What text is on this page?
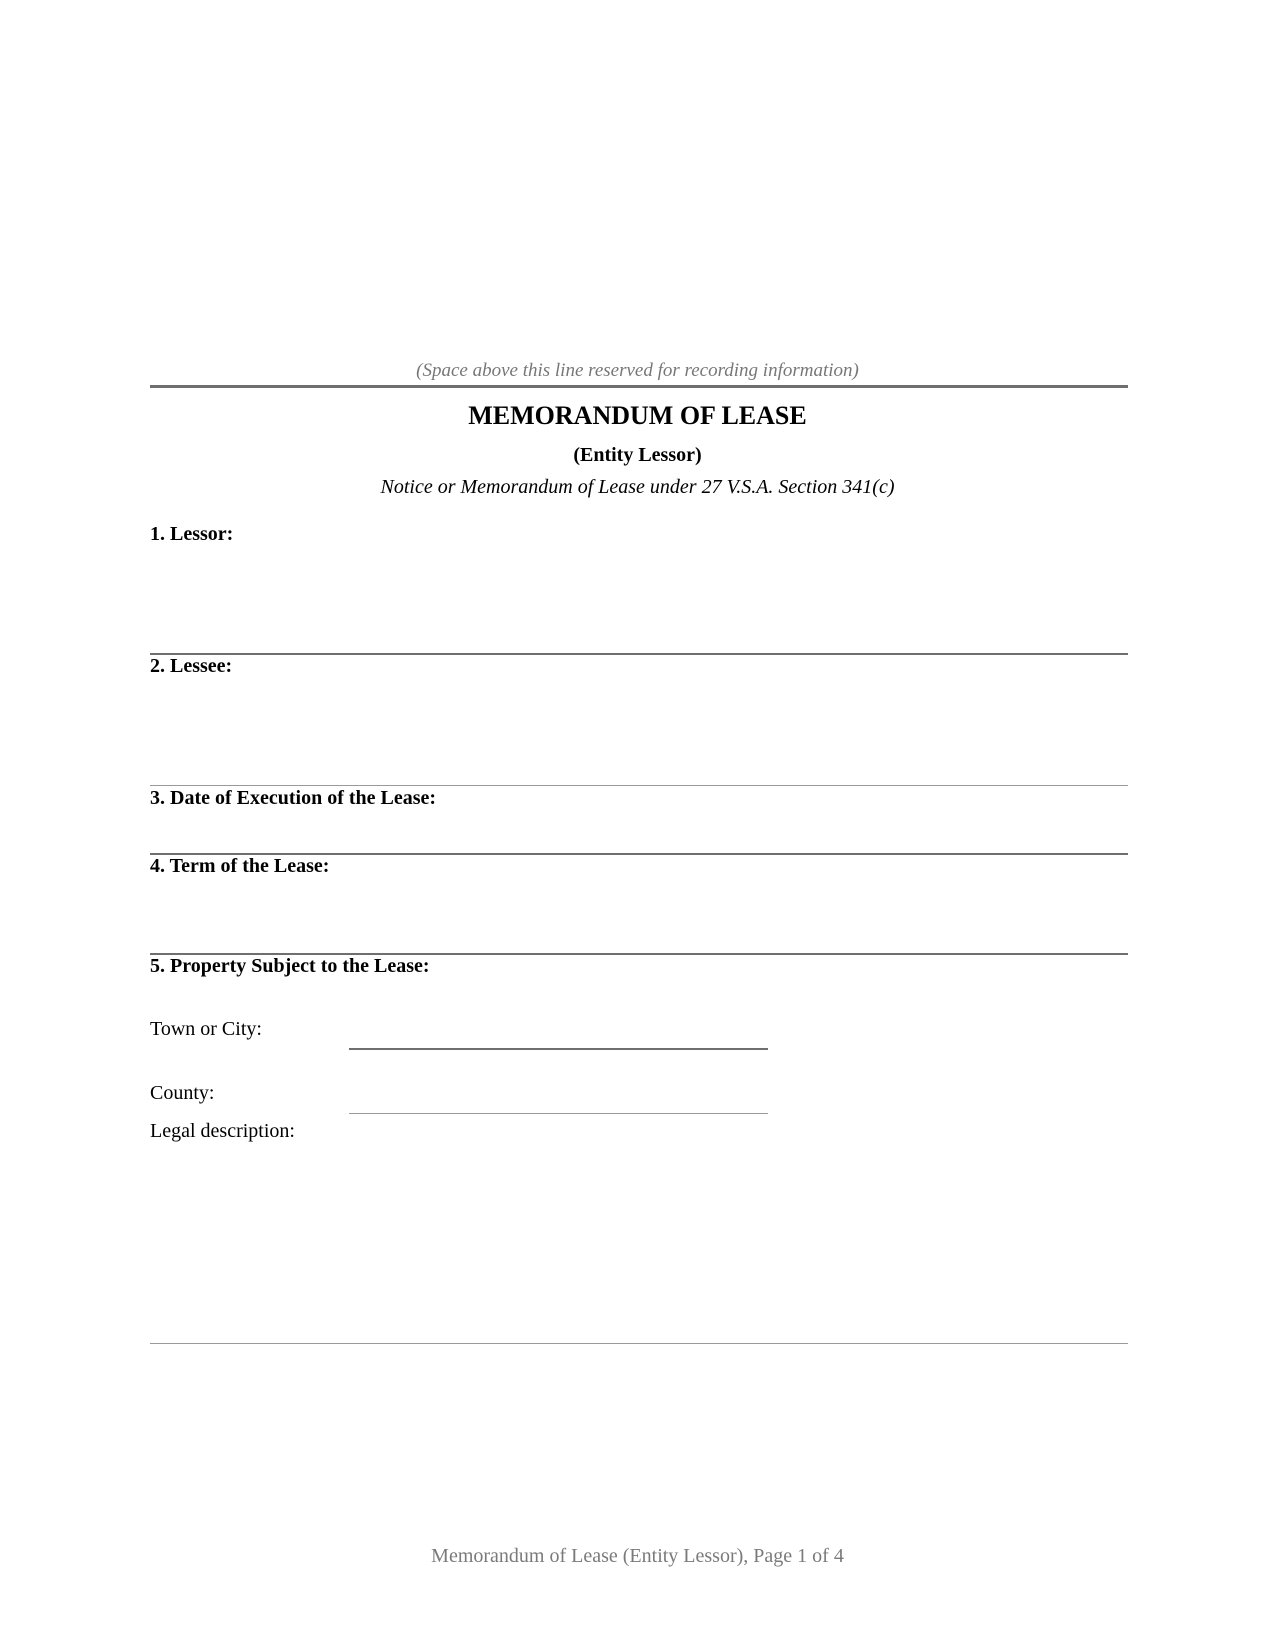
(Space above this line reserved for recording information)
MEMORANDUM OF LEASE
(Entity Lessor)
Notice or Memorandum of Lease under 27 V.S.A. Section 341(c)
1. Lessor:
2. Lessee:
3. Date of Execution of the Lease:
4. Term of the Lease:
5. Property Subject to the Lease:
Town or City:
County:
Legal description:
Memorandum of Lease (Entity Lessor), Page 1 of 4
